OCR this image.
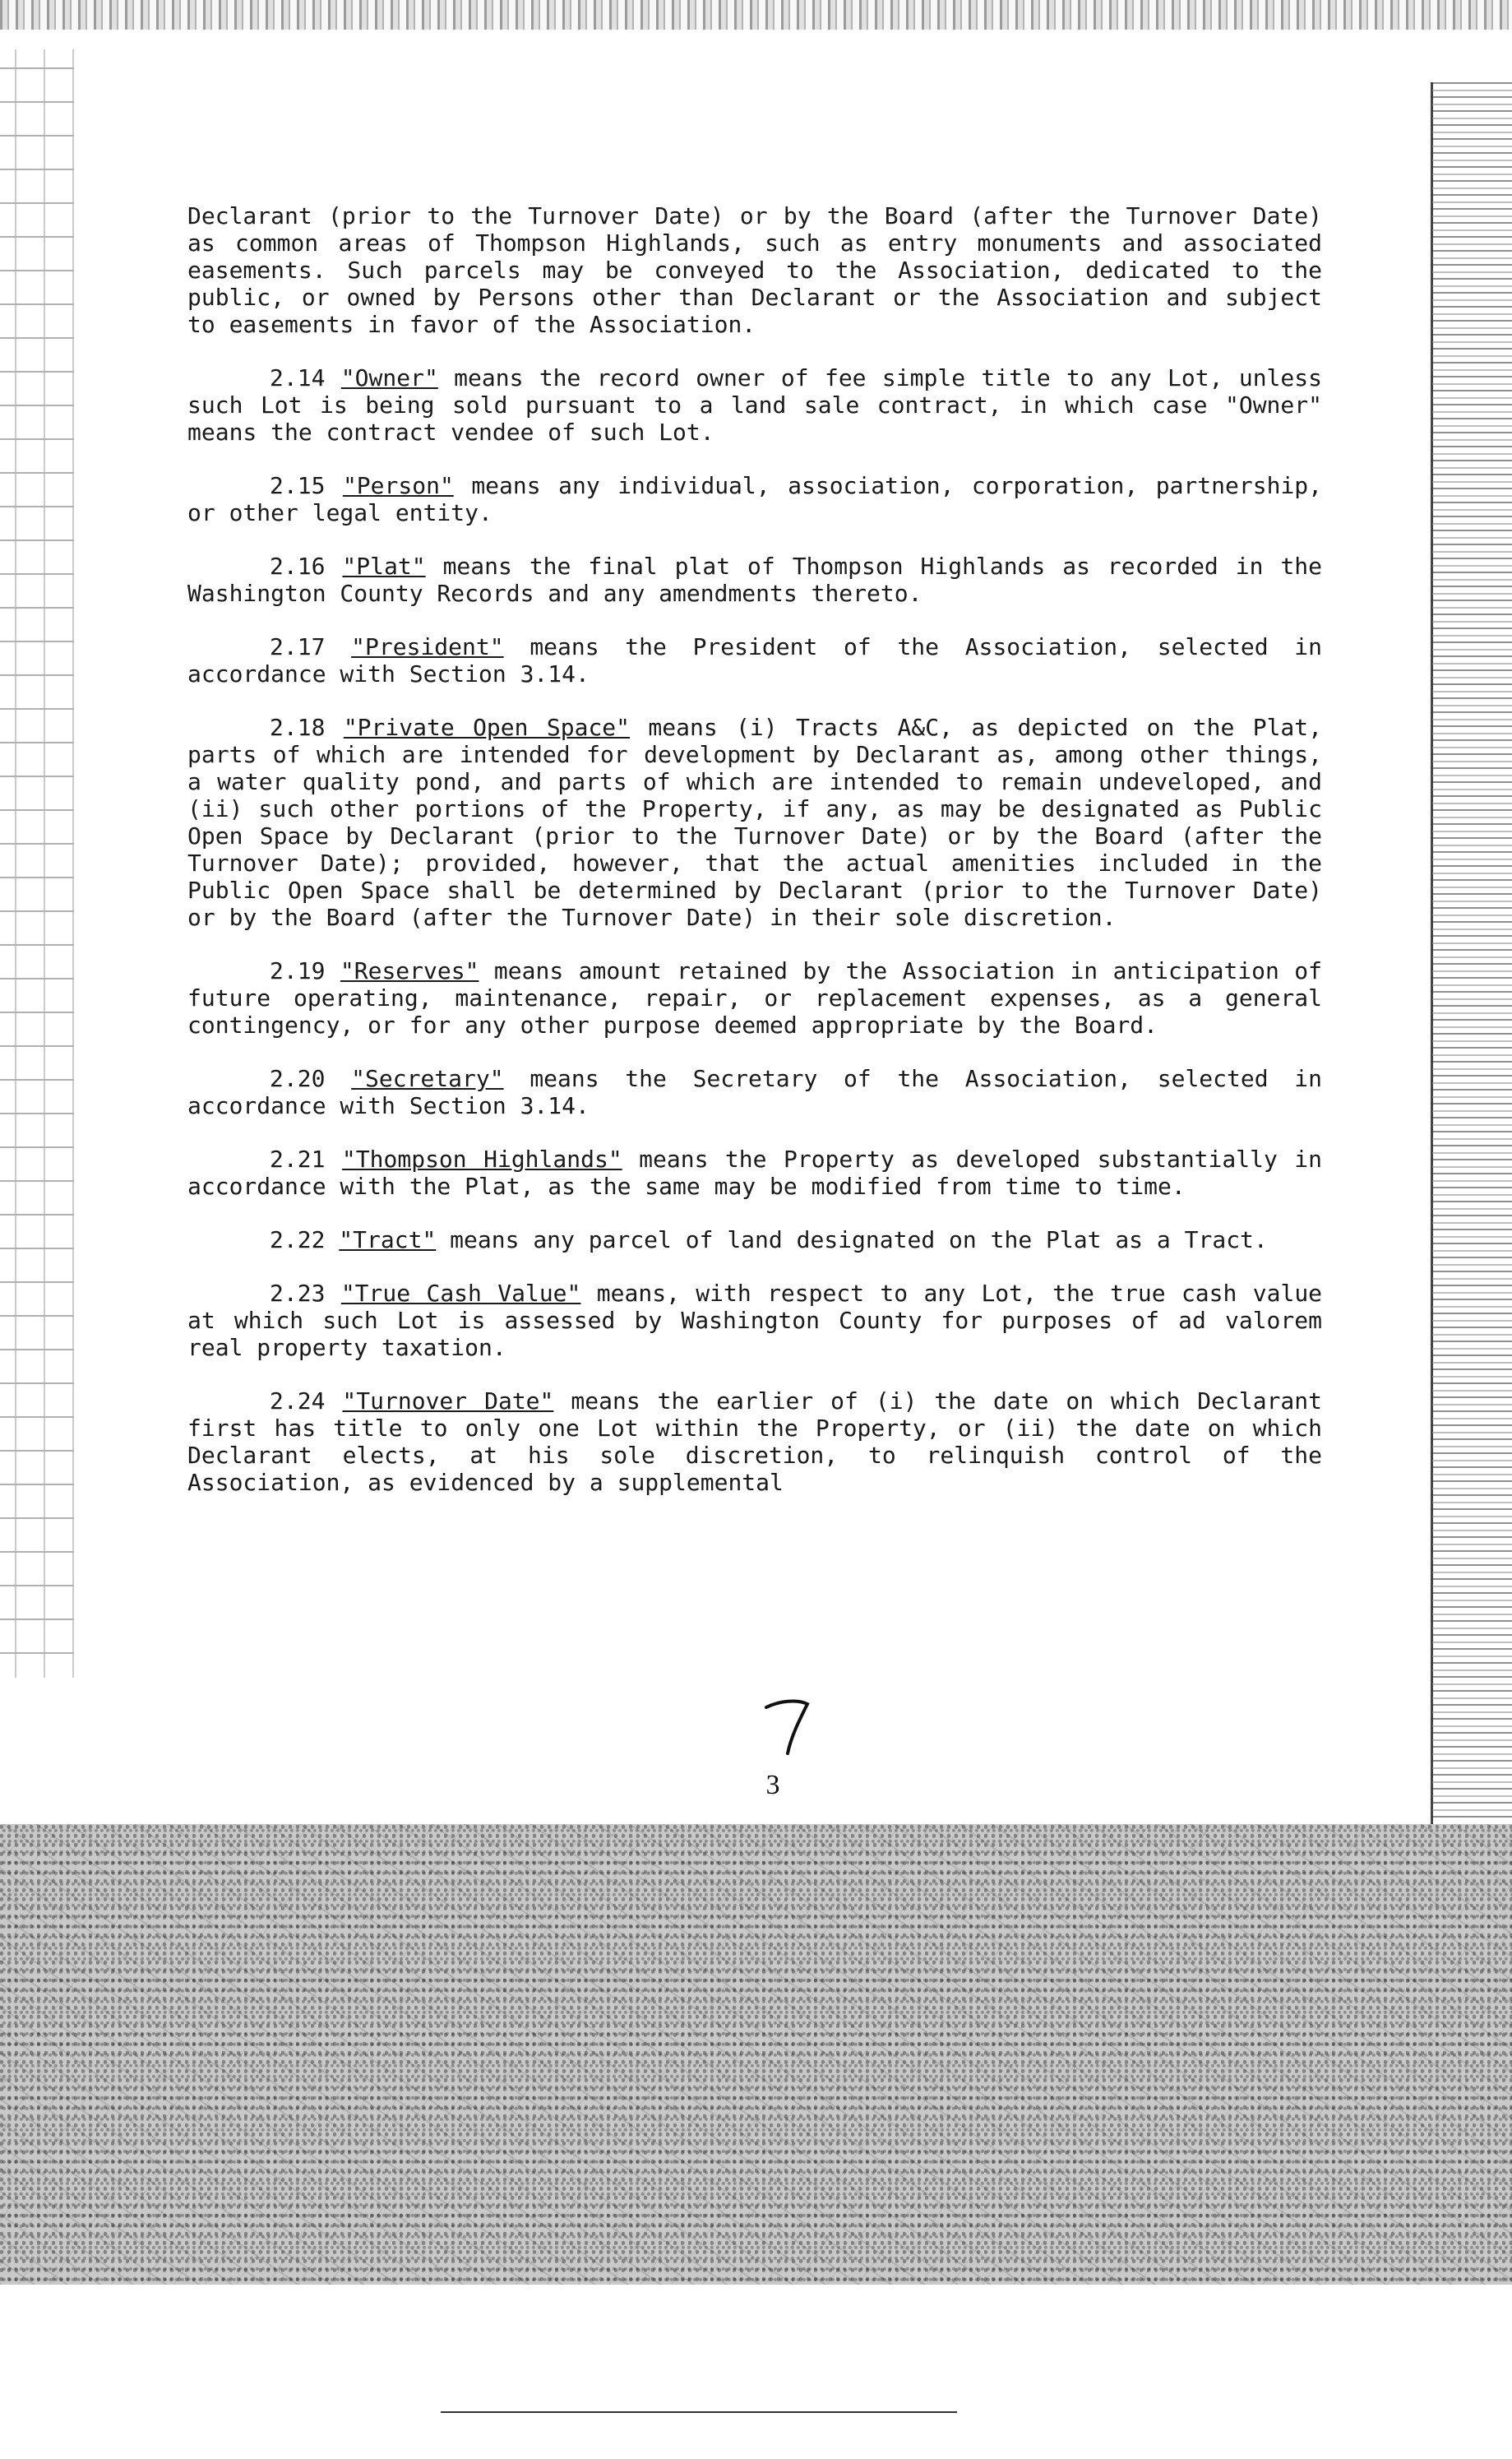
Declarant (prior to the Turnover Date) or by the Board (after the Turnover Date) as common areas of Thompson Highlands, such as entry monuments and associated easements. Such parcels may be conveyed to the Association, dedicated to the public, or owned by Persons other than Declarant or the Association and subject to easements in favor of the Association.

2.14 "Owner" means the record owner of fee simple title to any Lot, unless such Lot is being sold pursuant to a land sale contract, in which case "Owner" means the contract vendee of such Lot.

2.15 "Person" means any individual, association, corporation, partnership, or other legal entity.

2.16 "Plat" means the final plat of Thompson Highlands as recorded in the Washington County Records and any amendments thereto.

2.17 "President" means the President of the Association, selected in accordance with Section 3.14.

2.18 "Private Open Space" means (i) Tracts A&C, as depicted on the Plat, parts of which are intended for development by Declarant as, among other things, a water quality pond, and parts of which are intended to remain undeveloped, and (ii) such other portions of the Property, if any, as may be designated as Public Open Space by Declarant (prior to the Turnover Date) or by the Board (after the Turnover Date); provided, however, that the actual amenities included in the Public Open Space shall be determined by Declarant (prior to the Turnover Date) or by the Board (after the Turnover Date) in their sole discretion.

2.19 "Reserves" means amount retained by the Association in anticipation of future operating, maintenance, repair, or replacement expenses, as a general contingency, or for any other purpose deemed appropriate by the Board.

2.20 "Secretary" means the Secretary of the Association, selected in accordance with Section 3.14.

2.21 "Thompson Highlands" means the Property as developed substantially in accordance with the Plat, as the same may be modified from time to time.

2.22 "Tract" means any parcel of land designated on the Plat as a Tract.

2.23 "True Cash Value" means, with respect to any Lot, the true cash value at which such Lot is assessed by Washington County for purposes of ad valorem real property taxation.

2.24 "Turnover Date" means the earlier of (i) the date on which Declarant first has title to only one Lot within the Property, or (ii) the date on which Declarant elects, at his sole discretion, to relinquish control of the Association, as evidenced by a supplemental

7
3
